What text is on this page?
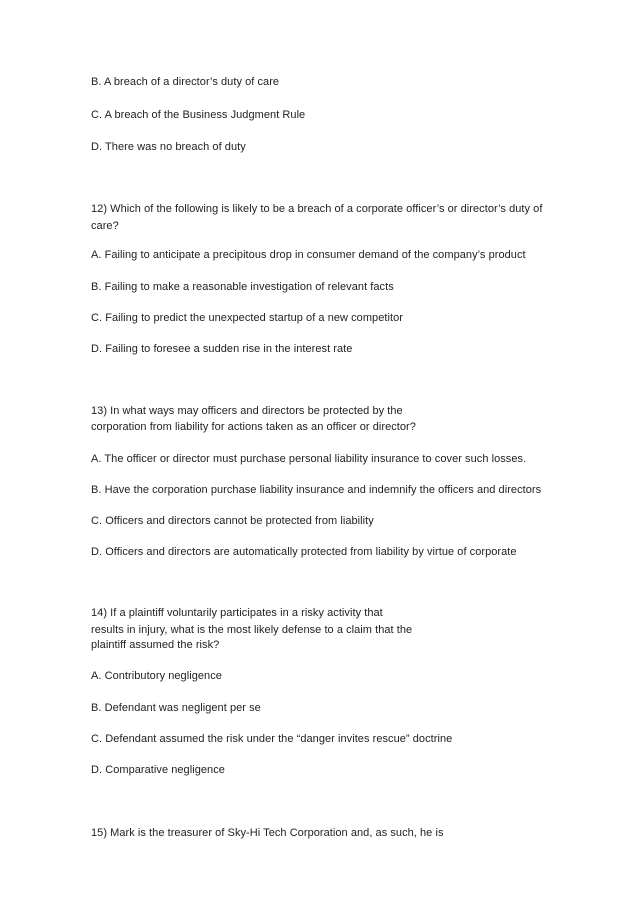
B. A breach of a director’s duty of care
C. A breach of the Business Judgment Rule
D. There was no breach of duty
12) Which of the following is likely to be a breach of a corporate officer’s or director’s duty of
care?
A. Failing to anticipate a precipitous drop in consumer demand of the company’s product
B. Failing to make a reasonable investigation of relevant facts
C. Failing to predict the unexpected startup of a new competitor
D. Failing to foresee a sudden rise in the interest rate
13) In what ways may officers and directors be protected by the
corporation from liability for actions taken as an officer or director?
A. The officer or director must purchase personal liability insurance to cover such losses.
B. Have the corporation purchase liability insurance and indemnify the officers and directors
C. Officers and directors cannot be protected from liability
D. Officers and directors are automatically protected from liability by virtue of corporate
14) If a plaintiff voluntarily participates in a risky activity that
results in injury, what is the most likely defense to a claim that the
plaintiff assumed the risk?
A. Contributory negligence
B. Defendant was negligent per se
C. Defendant assumed the risk under the “danger invites rescue” doctrine
D. Comparative negligence
15) Mark is the treasurer of Sky-Hi Tech Corporation and, as such, he is
